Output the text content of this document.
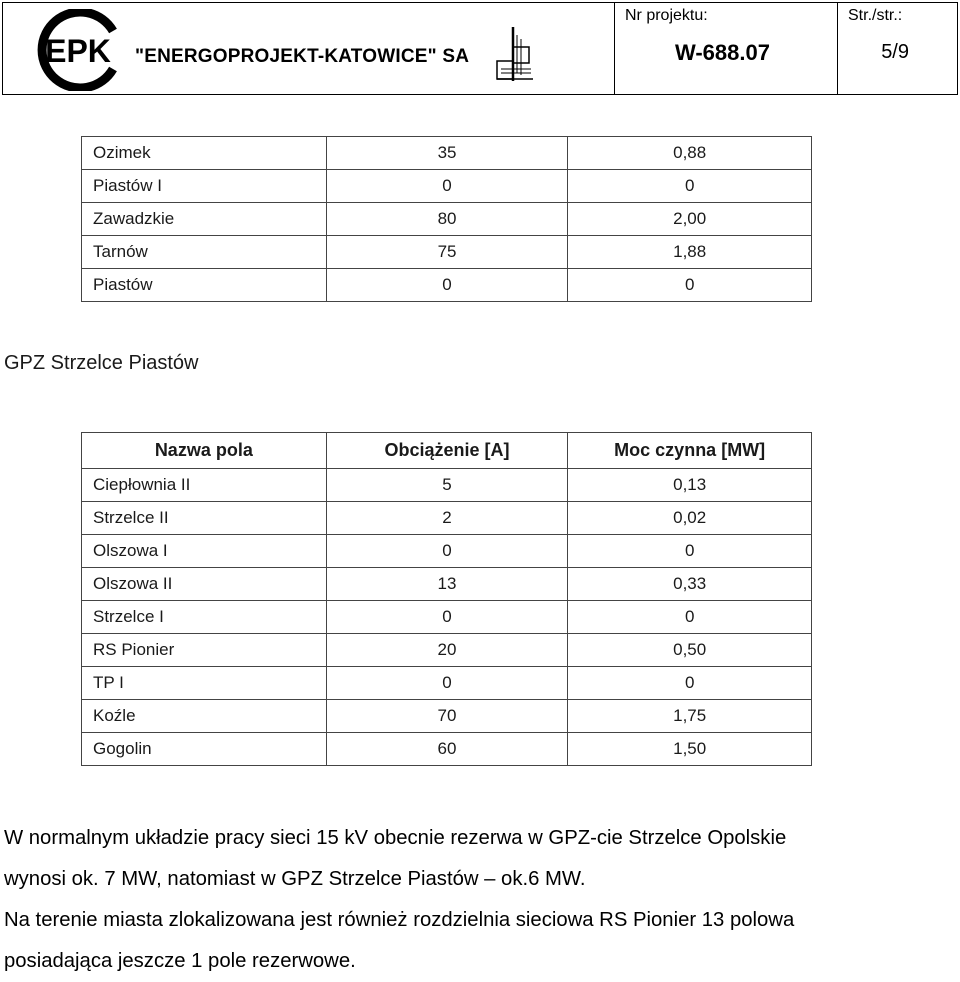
EPK "ENERGOPROJEKT-KATOWICE" SA
Nr projektu:
W-688.07
Str./str.:
5/9
Ozimek	35	0,88
Piastów I	0	0
Zawadzkie	80	2,00
Tarnów	75	1,88
Piastów	0	0
GPZ Strzelce Piastów
Nazwa pola	Obciążenie [A]	Moc czynna [MW]
Ciepłownia II	5	0,13
Strzelce II	2	0,02
Olszowa I	0	0
Olszowa II	13	0,33
Strzelce I	0	0
RS Pionier	20	0,50
TP I	0	0
Koźle	70	1,75
Gogolin	60	1,50
W normalnym układzie pracy sieci 15 kV obecnie rezerwa w GPZ-cie Strzelce Opolskie
wynosi ok. 7 MW, natomiast w GPZ Strzelce Piastów – ok.6 MW.
Na terenie miasta zlokalizowana jest również rozdzielnia sieciowa RS Pionier 13 polowa
posiadająca jeszcze 1 pole rezerwowe.
